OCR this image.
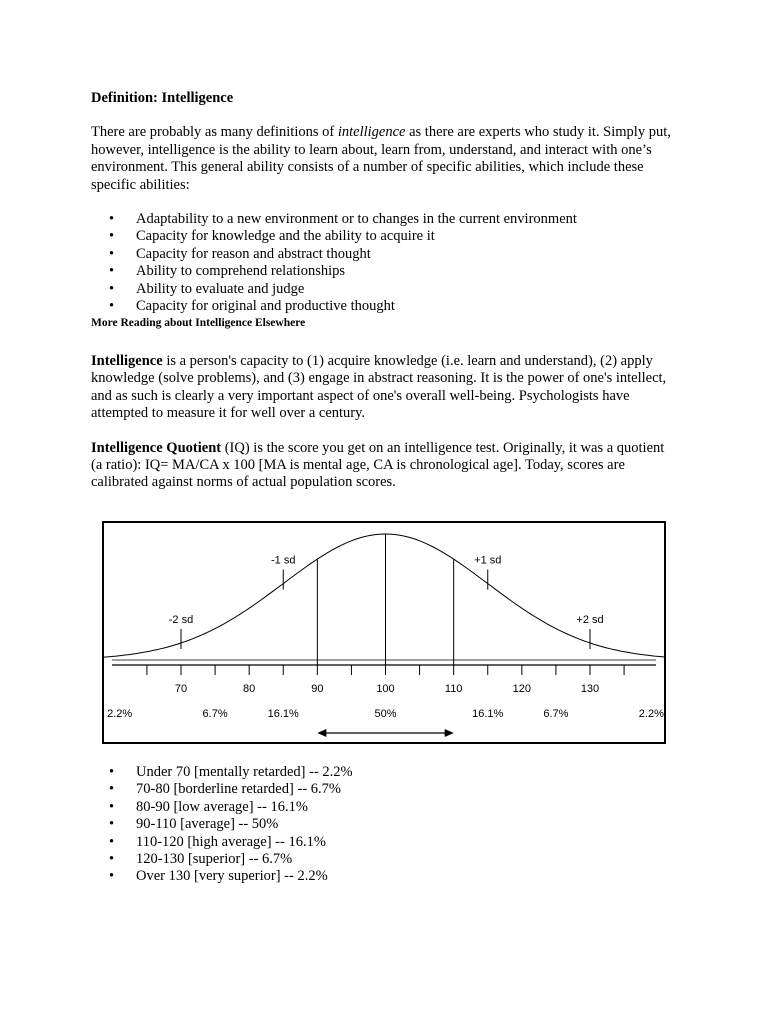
Definition: Intelligence

There are probably as many definitions of intelligence as there are experts who study it. Simply put, however, intelligence is the ability to learn about, learn from, understand, and interact with one’s environment. This general ability consists of a number of specific abilities, which include these specific abilities:

• Adaptability to a new environment or to changes in the current environment
• Capacity for knowledge and the ability to acquire it
• Capacity for reason and abstract thought
• Ability to comprehend relationships
• Ability to evaluate and judge
• Capacity for original and productive thought
More Reading about Intelligence Elsewhere

Intelligence is a person's capacity to (1) acquire knowledge (i.e. learn and understand), (2) apply knowledge (solve problems), and (3) engage in abstract reasoning. It is the power of one's intellect, and as such is clearly a very important aspect of one's overall well-being. Psychologists have attempted to measure it for well over a century.

Intelligence Quotient (IQ) is the score you get on an intelligence test. Originally, it was a quotient (a ratio): IQ= MA/CA x 100 [MA is mental age, CA is chronological age]. Today, scores are calibrated against norms of actual population scores.

70	80	90	100	110	120	130
-2 sd
-1 sd	+1 sd
+2 sd
2.2%	6.7%	16.1%	50%	16.1%	6.7%	2.2%
• Under 70 [mentally retarded] -- 2.2%
• 70-80 [borderline retarded] -- 6.7%
• 80-90 [low average] -- 16.1%
• 90-110 [average] -- 50%
• 110-120 [high average] -- 16.1%
• 120-130 [superior] -- 6.7%
• Over 130 [very superior] -- 2.2%
